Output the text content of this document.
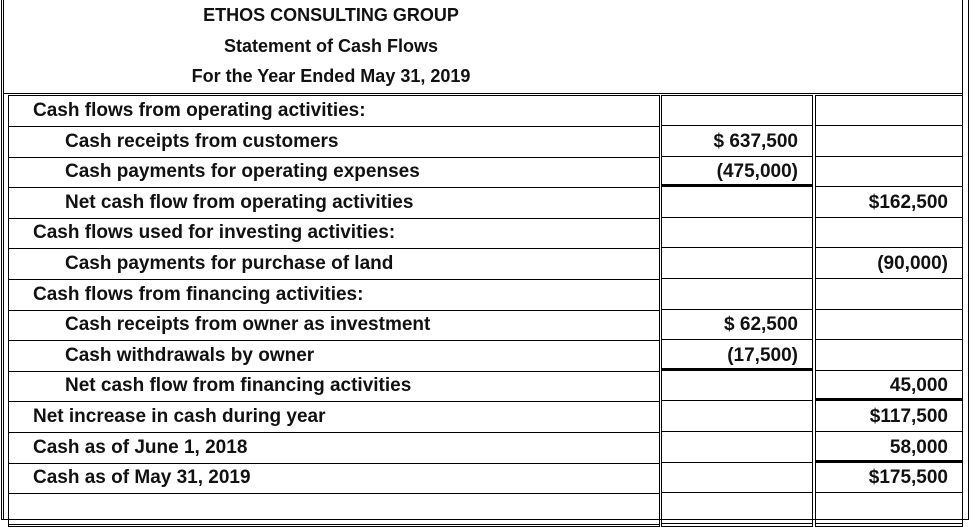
ETHOS CONSULTING GROUP
Statement of Cash Flows
For the Year Ended May 31, 2019
Cash flows from operating activities:
Cash receipts from customers
Cash payments for operating expenses
Net cash flow from operating activities
Cash flows used for investing activities:
Cash payments for purchase of land
Cash flows from financing activities:
Cash receipts from owner as investment
Cash withdrawals by owner
Net cash flow from financing activities
Net increase in cash during year
Cash as of June 1, 2018
Cash as of May 31, 2019
$ 637,500
(475,000)
$ 62,500
(17,500)
$162,500
(90,000)
45,000
$117,500
58,000
$175,500
